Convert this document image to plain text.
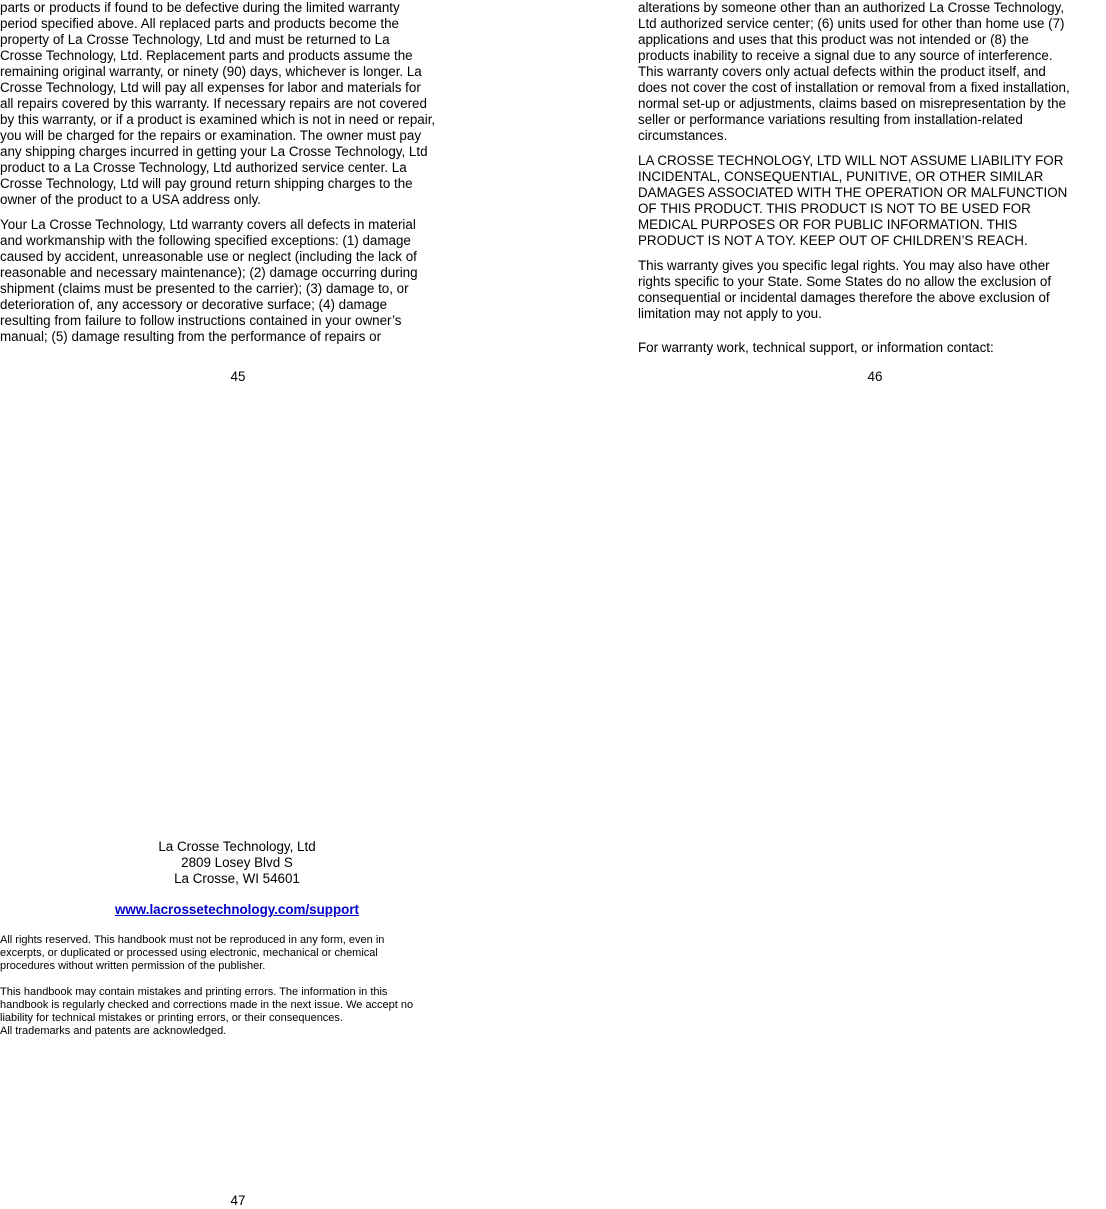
parts or products if found to be defective during the limited warranty
period specified above. All replaced parts and products become the
property of La Crosse Technology, Ltd and must be returned to La
Crosse Technology, Ltd. Replacement parts and products assume the
remaining original warranty, or ninety (90) days, whichever is longer. La
Crosse Technology, Ltd will pay all expenses for labor and materials for
all repairs covered by this warranty. If necessary repairs are not covered
by this warranty, or if a product is examined which is not in need or repair,
you will be charged for the repairs or examination. The owner must pay
any shipping charges incurred in getting your La Crosse Technology, Ltd
product to a La Crosse Technology, Ltd authorized service center. La
Crosse Technology, Ltd will pay ground return shipping charges to the
owner of the product to a USA address only.

Your La Crosse Technology, Ltd warranty covers all defects in material
and workmanship with the following specified exceptions: (1) damage
caused by accident, unreasonable use or neglect (including the lack of
reasonable and necessary maintenance); (2) damage occurring during
shipment (claims must be presented to the carrier); (3) damage to, or
deterioration of, any accessory or decorative surface; (4) damage
resulting from failure to follow instructions contained in your owner’s
manual; (5) damage resulting from the performance of repairs or

45

alterations by someone other than an authorized La Crosse Technology,
Ltd authorized service center; (6) units used for other than home use (7)
applications and uses that this product was not intended or (8) the
products inability to receive a signal due to any source of interference.
This warranty covers only actual defects within the product itself, and
does not cover the cost of installation or removal from a fixed installation,
normal set-up or adjustments, claims based on misrepresentation by the
seller or performance variations resulting from installation-related
circumstances.

LA CROSSE TECHNOLOGY, LTD WILL NOT ASSUME LIABILITY FOR
INCIDENTAL, CONSEQUENTIAL, PUNITIVE, OR OTHER SIMILAR
DAMAGES ASSOCIATED WITH THE OPERATION OR MALFUNCTION
OF THIS PRODUCT. THIS PRODUCT IS NOT TO BE USED FOR
MEDICAL PURPOSES OR FOR PUBLIC INFORMATION. THIS
PRODUCT IS NOT A TOY. KEEP OUT OF CHILDREN’S REACH.

This warranty gives you specific legal rights. You may also have other
rights specific to your State. Some States do no allow the exclusion of
consequential or incidental damages therefore the above exclusion of
limitation may not apply to you.

For warranty work, technical support, or information contact:

46
La Crosse Technology, Ltd
2809 Losey Blvd S
La Crosse, WI 54601
www.lacrossetechnology.com/support

All rights reserved. This handbook must not be reproduced in any form, even in
excerpts, or duplicated or processed using electronic, mechanical or chemical
procedures without written permission of the publisher.

This handbook may contain mistakes and printing errors. The information in this
handbook is regularly checked and corrections made in the next issue. We accept no
liability for technical mistakes or printing errors, or their consequences.

All trademarks and patents are acknowledged.

47
